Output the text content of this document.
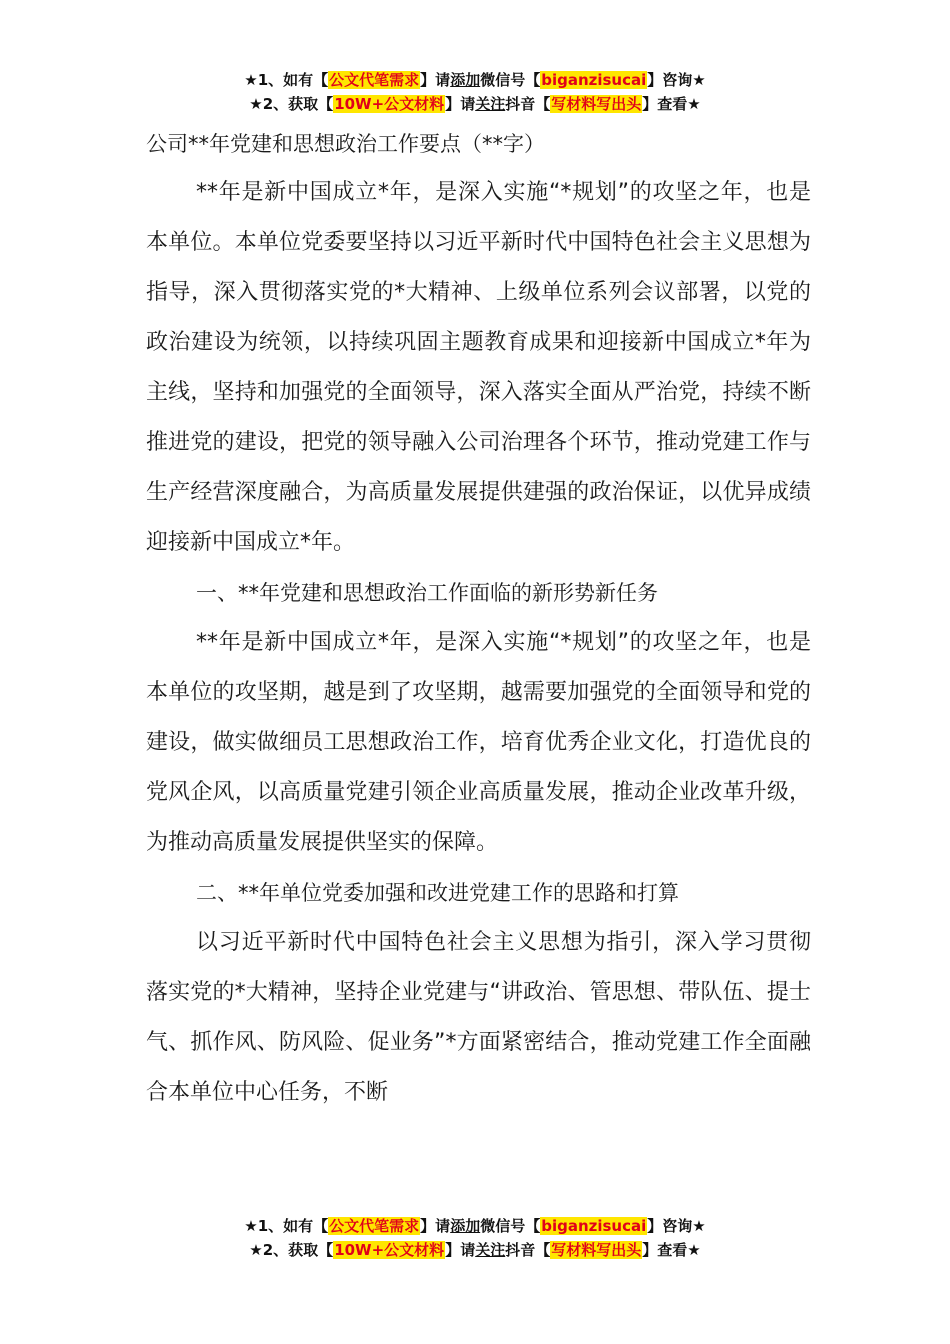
★1、如有【公文代笔需求】请添加微信号【biganzisucai】咨询★
★2、获取【10W+公文材料】请关注抖音【写材料写出头】查看★

公司**年党建和思想政治工作要点（**字）

**年是新中国成立*年，是深入实施“*规划”的攻坚之年，也是本单位。本单位党委要坚持以习近平新时代中国特色社会主义思想为指导，深入贯彻落实党的*大精神、上级单位系列会议部署，以党的政治建设为统领，以持续巩固主题教育成果和迎接新中国成立*年为主线，坚持和加强党的全面领导，深入落实全面从严治党，持续不断推进党的建设，把党的领导融入公司治理各个环节，推动党建工作与生产经营深度融合，为高质量发展提供建强的政治保证，以优异成绩迎接新中国成立*年。

一、**年党建和思想政治工作面临的新形势新任务

**年是新中国成立*年，是深入实施“*规划”的攻坚之年，也是本单位的攻坚期，越是到了攻坚期，越需要加强党的全面领导和党的建设，做实做细员工思想政治工作，培育优秀企业文化，打造优良的党风企风，以高质量党建引领企业高质量发展，推动企业改革升级，为推动高质量发展提供坚实的保障。

二、**年单位党委加强和改进党建工作的思路和打算

以习近平新时代中国特色社会主义思想为指引，深入学习贯彻落实党的*大精神，坚持企业党建与“讲政治、管思想、带队伍、提士气、抓作风、防风险、促业务”*方面紧密结合，推动党建工作全面融合本单位中心任务，不断

★1、如有【公文代笔需求】请添加微信号【biganzisucai】咨询★
★2、获取【10W+公文材料】请关注抖音【写材料写出头】查看★
